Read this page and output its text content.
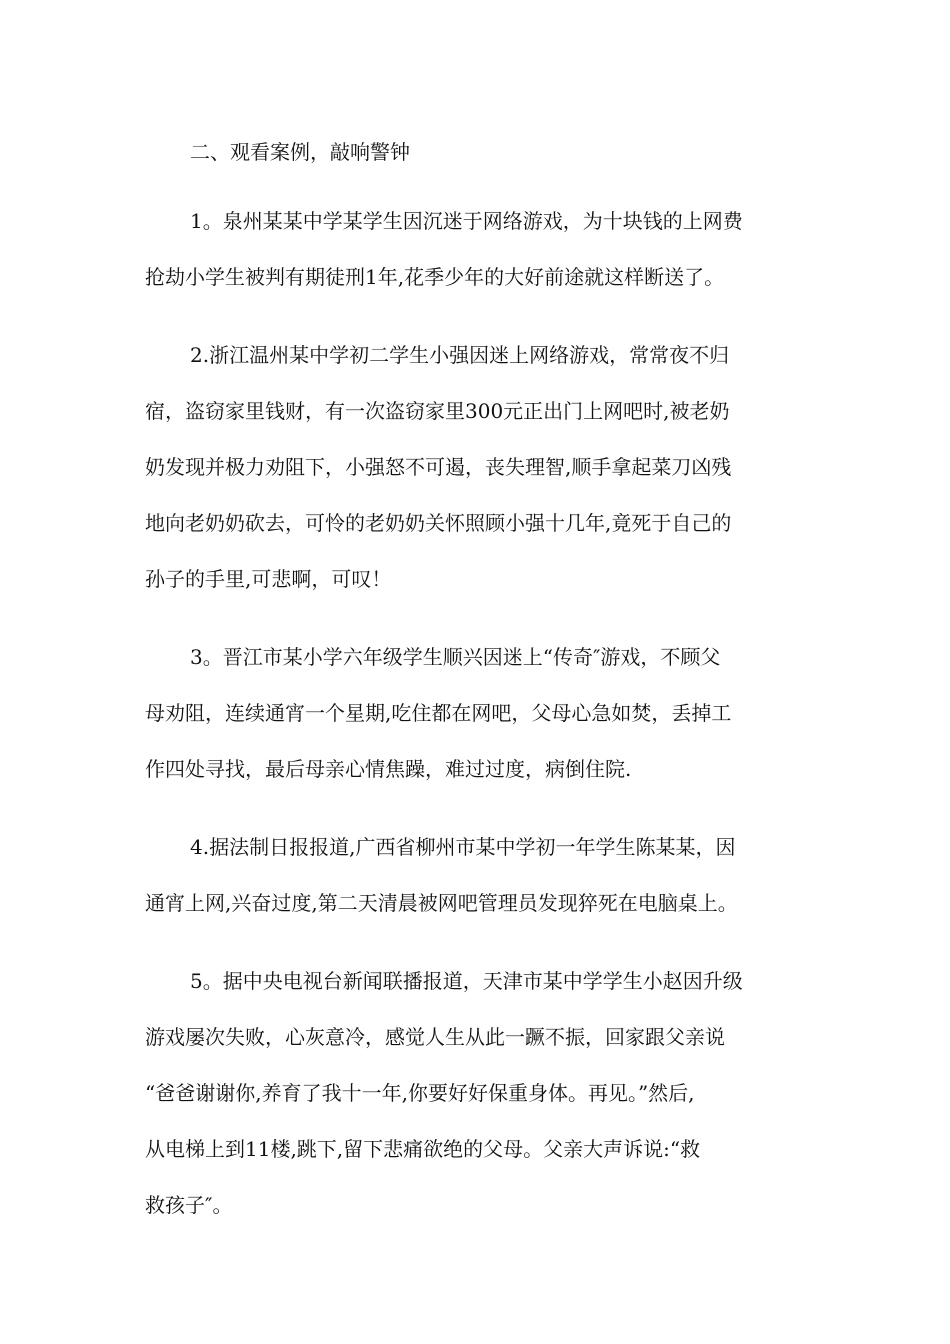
二、观看案例，敲响警钟

1。泉州某某中学某学生因沉迷于网络游戏，为十块钱的上网费
抢劫小学生被判有期徒刑1年,花季少年的大好前途就这样断送了。

2.浙江温州某中学初二学生小强因迷上网络游戏，常常夜不归
宿，盗窃家里钱财，有一次盗窃家里300元正出门上网吧时,被老奶
奶发现并极力劝阻下，小强怒不可遏，丧失理智,顺手拿起菜刀凶残
地向老奶奶砍去，可怜的老奶奶关怀照顾小强十几年,竟死于自己的
孙子的手里,可悲啊，可叹！

3。晋江市某小学六年级学生顺兴因迷上“传奇″游戏，不顾父
母劝阻，连续通宵一个星期,吃住都在网吧，父母心急如焚，丢掉工
作四处寻找，最后母亲心情焦躁，难过过度，病倒住院.

4.据法制日报报道,广西省柳州市某中学初一年学生陈某某，因
通宵上网,兴奋过度,第二天清晨被网吧管理员发现猝死在电脑桌上。

5。据中央电视台新闻联播报道，天津市某中学学生小赵因升级
游戏屡次失败，心灰意冷，感觉人生从此一蹶不振，回家跟父亲说
“爸爸谢谢你,养育了我十一年,你要好好保重身体。再见。”然后,
从电梯上到11楼,跳下,留下悲痛欲绝的父母。父亲大声诉说:“救
救孩子″。
